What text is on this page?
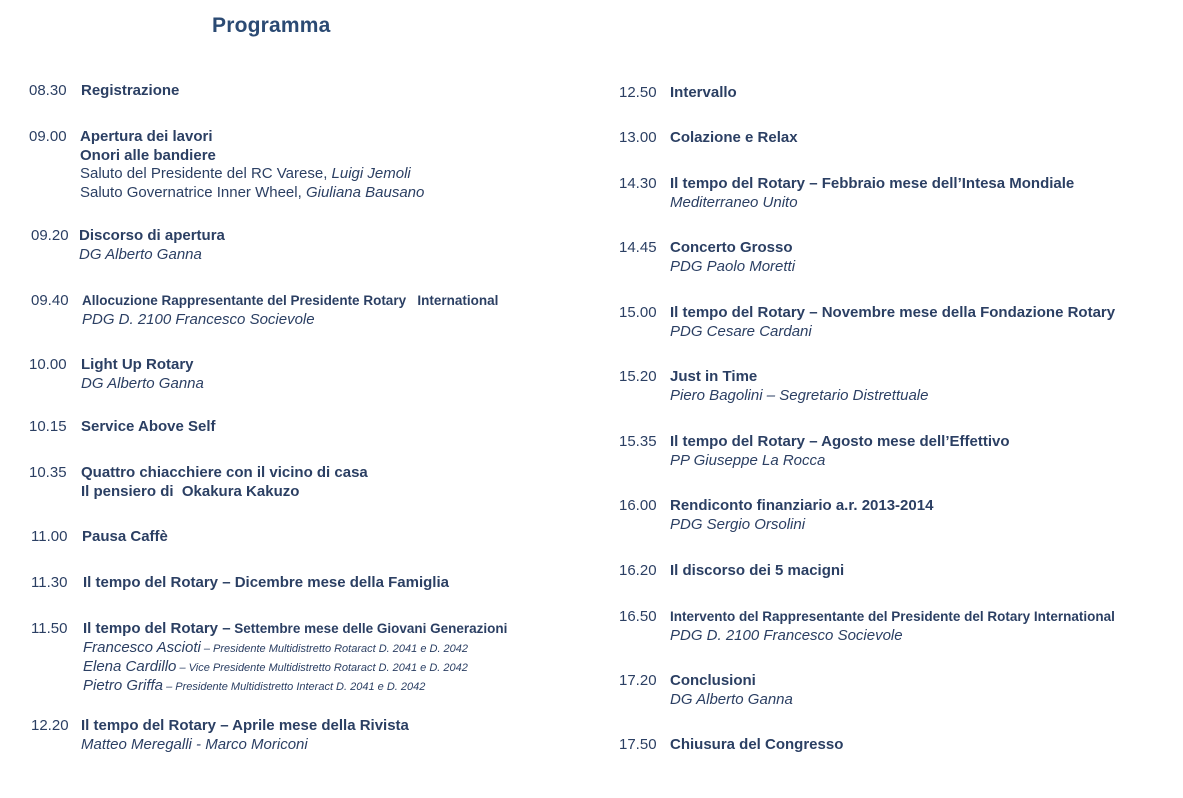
Programma
08.30 Registrazione
09.00 Apertura dei lavori
Onori alle bandiere
Saluto del Presidente del RC Varese, Luigi Jemoli
Saluto Governatrice Inner Wheel, Giuliana Bausano
09.20 Discorso di apertura
DG Alberto Ganna
09.40 Allocuzione Rappresentante del Presidente Rotary   International
PDG D. 2100 Francesco Socievole
10.00 Light Up Rotary
DG Alberto Ganna
10.15 Service Above Self
10.35 Quattro chiacchiere con il vicino di casa
Il pensiero di  Okakura Kakuzo
11.00 Pausa Caffè
11.30 Il tempo del Rotary – Dicembre mese della Famiglia
11.50 Il tempo del Rotary – Settembre mese delle Giovani Generazioni
Francesco Ascioti – Presidente Multidistretto Rotaract D. 2041 e D. 2042
Elena Cardillo – Vice Presidente Multidistretto Rotaract D. 2041 e D. 2042
Pietro Griffa – Presidente Multidistretto Interact D. 2041 e D. 2042
12.20 Il tempo del Rotary – Aprile mese della Rivista
Matteo Meregalli - Marco Moriconi
12.50 Intervallo
13.00 Colazione e Relax
14.30 Il tempo del Rotary – Febbraio mese dell’Intesa Mondiale
Mediterraneo Unito
14.45 Concerto Grosso
PDG Paolo Moretti
15.00 Il tempo del Rotary – Novembre mese della Fondazione Rotary
PDG Cesare Cardani
15.20 Just in Time
Piero Bagolini – Segretario Distrettuale
15.35 Il tempo del Rotary – Agosto mese dell’Effettivo
PP Giuseppe La Rocca
16.00 Rendiconto finanziario a.r. 2013-2014
PDG Sergio Orsolini
16.20 Il discorso dei 5 macigni
16.50 Intervento del Rappresentante del Presidente del Rotary International
PDG D. 2100 Francesco Socievole
17.20 Conclusioni
DG Alberto Ganna
17.50 Chiusura del Congresso
